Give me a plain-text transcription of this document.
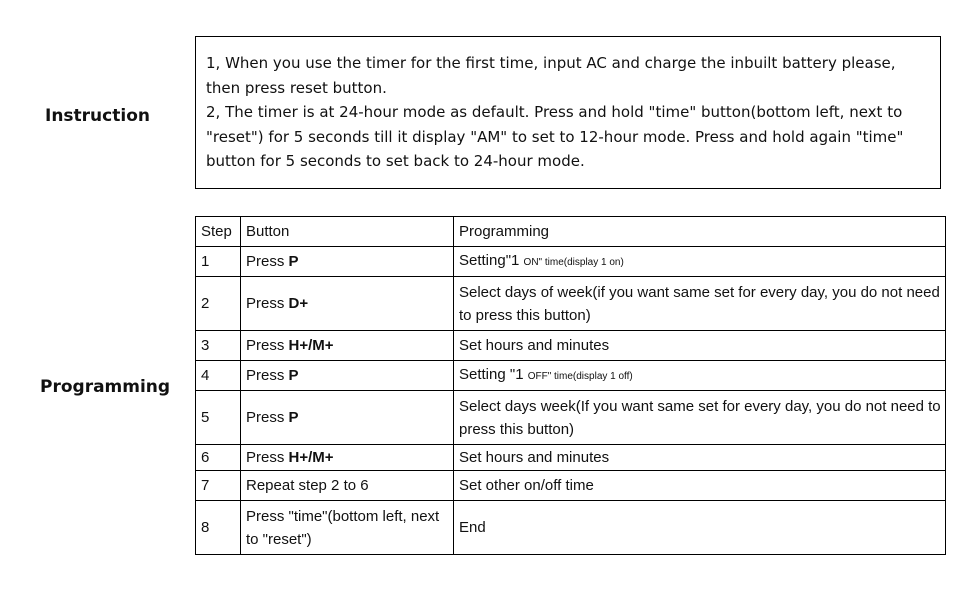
Instruction
Programming

1, When you use the timer for the first time, input AC and charge the inbuilt battery please, then press reset button.

2, The timer is at 24-hour mode as default. Press and hold "time" button(bottom left, next to "reset") for 5 seconds till it display "AM" to set to 12-hour mode. Press and hold again "time" button for 5 seconds to set back to 24-hour mode.

Step	Button	Programming
1	Press P	Setting"1 ON" time(display 1 on)
2	Press D+	Select days of week(if you want same set for every day, you do not need to press this button)
3	Press H+/M+	Set hours and minutes
4	Press P	Setting "1 OFF" time(display 1 off)
5	Press P	Select days week(If you want same set for every day, you do not need to press this button)
6	Press H+/M+	Set hours and minutes
7	Repeat step 2 to 6	Set other on/off time
8	Press "time"(bottom left, next to "reset")	End
